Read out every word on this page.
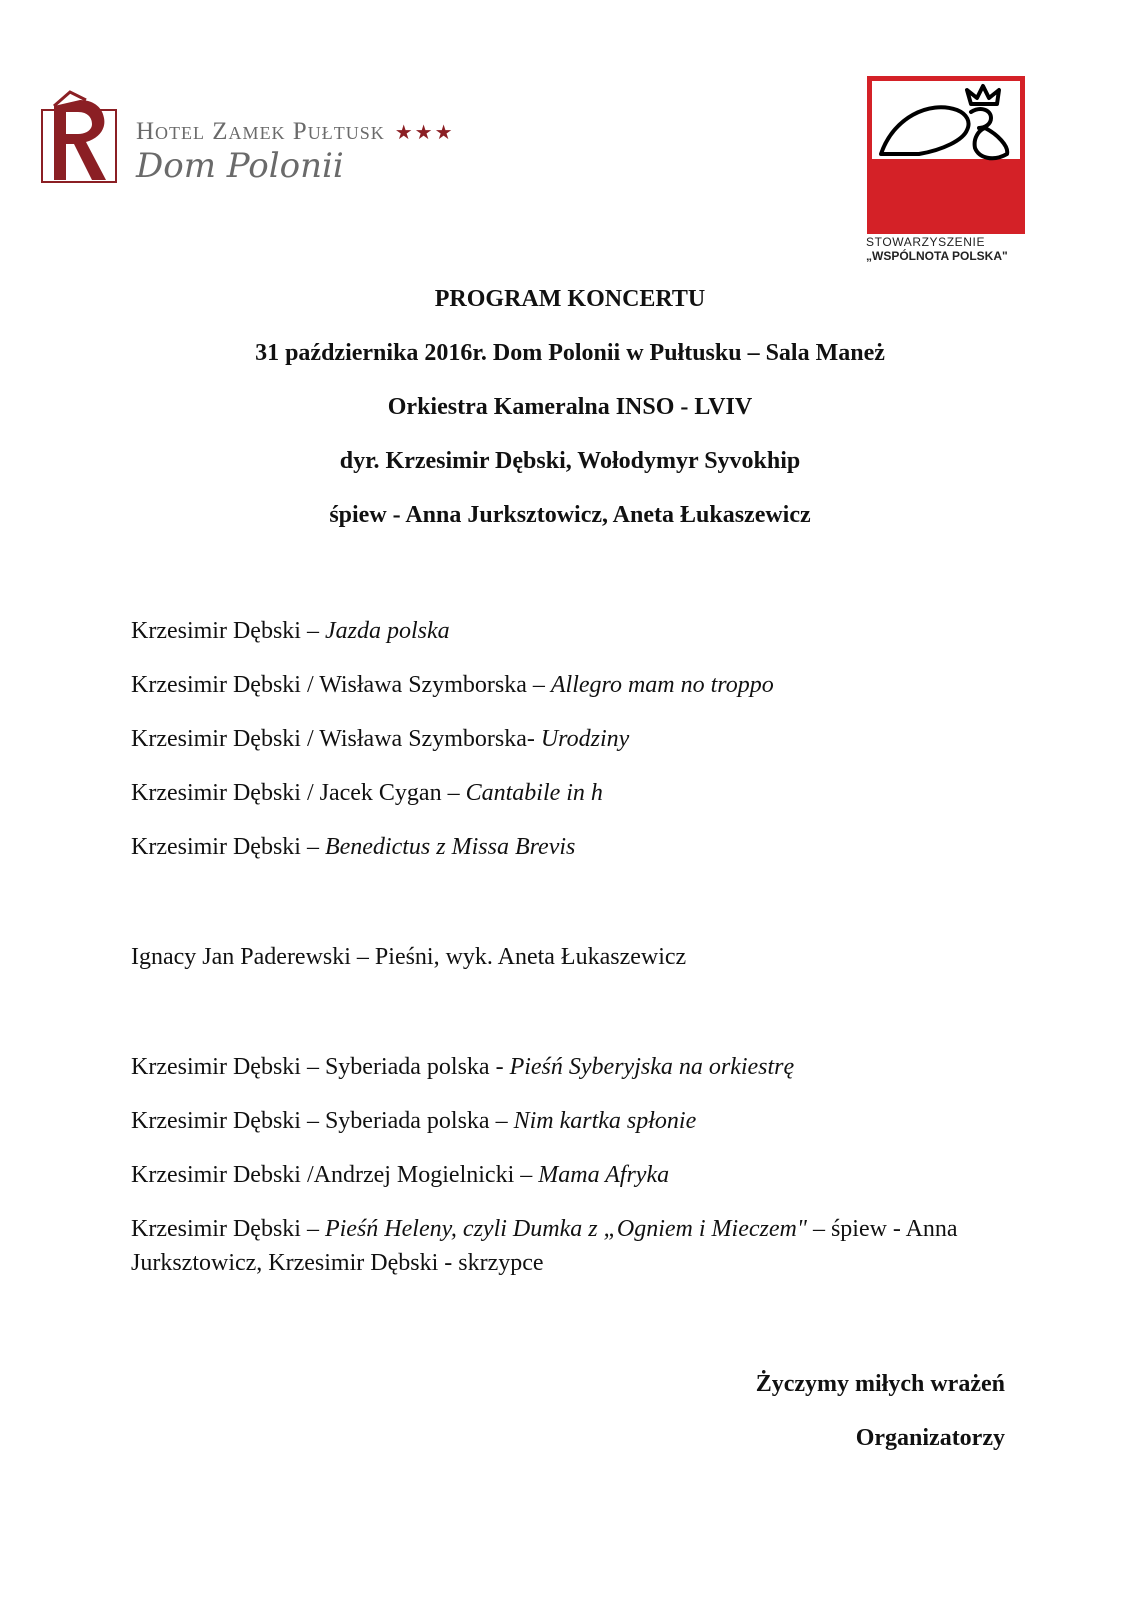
Hotel Zamek Pułtusk ★★★
Dom Polonii
STOWARZYSZENIE
„WSPÓLNOTA POLSKA"
PROGRAM KONCERTU
31 października 2016r. Dom Polonii w Pułtusku – Sala Maneż
Orkiestra Kameralna INSO - LVIV
dyr. Krzesimir Dębski, Wołodymyr Syvokhip
śpiew - Anna Jurksztowicz, Aneta Łukaszewicz
Krzesimir Dębski – Jazda polska
Krzesimir Dębski / Wisława Szymborska – Allegro mam no troppo
Krzesimir Dębski / Wisława Szymborska- Urodziny
Krzesimir Dębski / Jacek Cygan – Cantabile in h
Krzesimir Dębski – Benedictus z Missa Brevis
Ignacy Jan Paderewski – Pieśni, wyk. Aneta Łukaszewicz
Krzesimir Dębski – Syberiada polska - Pieśń Syberyjska na orkiestrę
Krzesimir Dębski – Syberiada polska – Nim kartka spłonie
Krzesimir Debski /Andrzej Mogielnicki – Mama Afryka
Krzesimir Dębski – Pieśń Heleny, czyli Dumka z „Ogniem i Mieczem" – śpiew - Anna Jurksztowicz, Krzesimir Dębski - skrzypce
Życzymy miłych wrażeń
Organizatorzy
